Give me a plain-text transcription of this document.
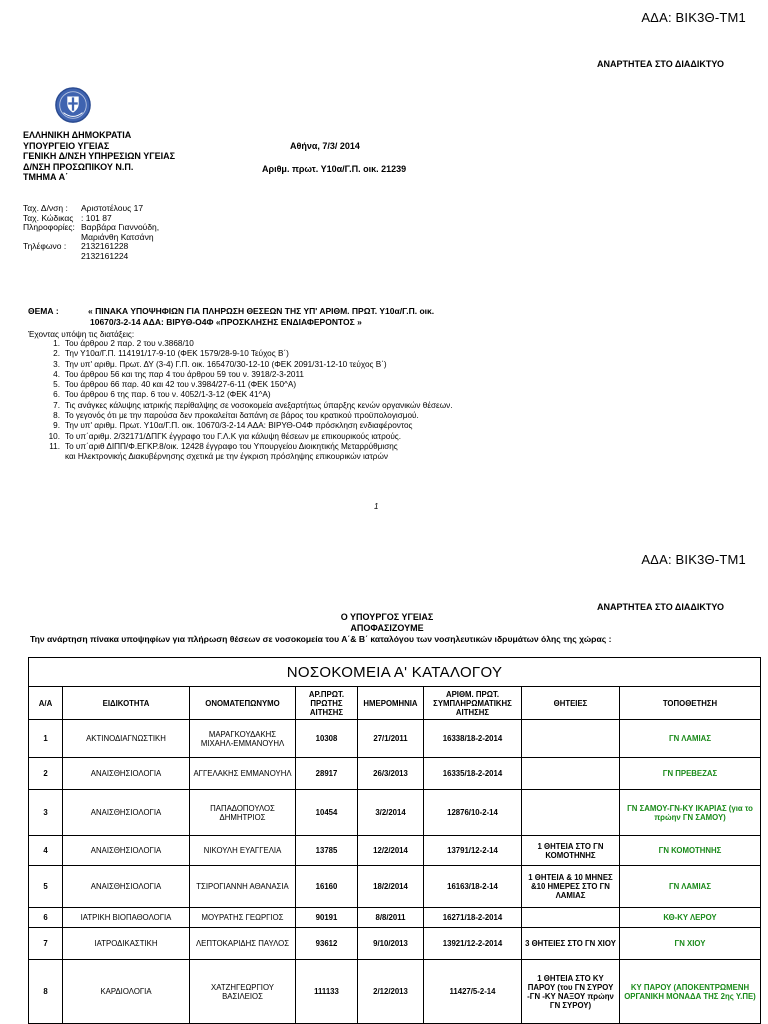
ΑΔΑ: ΒΙΚ3Θ-ΤΜ1
ΑΝΑΡΤΗΤΕΑ ΣΤΟ ΔΙΑΔΙΚΤΥΟ
ΕΛΛΗΝΙΚΗ ΔΗΜΟΚΡΑΤΙΑ
ΥΠΟΥΡΓΕΙΟ ΥΓΕΙΑΣ
ΓΕΝΙΚΗ Δ/ΝΣΗ ΥΠΗΡΕΣΙΩΝ ΥΓΕΙΑΣ
Δ/ΝΣΗ ΠΡΟΣΩΠΙΚΟΥ Ν.Π.
ΤΜΗΜΑ Α΄
Αθήνα, 7/3/ 2014
Αριθμ. πρωτ. Υ10α/Γ.Π. οικ. 21239
Ταχ. Δ/νση :	Αριστοτέλους 17
Ταχ. Κώδικας : 101 87
Πληροφορίες: Βαρβάρα Γιαννούδη,
Μαριάνθη Κατσάνη
Τηλέφωνο :	2132161228
2132161224
ΘΕΜΑ :	« ΠΙΝΑΚΑ ΥΠΟΨΗΦΙΩΝ ΓΙΑ ΠΛΗΡΩΣΗ ΘΕΣΕΩΝ ΤΗΣ ΥΠ' ΑΡΙΘΜ. ΠΡΩΤ. Υ10α/Γ.Π. οικ.
10670/3-2-14 ΑΔΑ: ΒΙΡΥΘ-Ο4Φ «ΠΡΟΣΚΛΗΣΗΣ ΕΝΔΙΑΦΕΡΟΝΤΟΣ »
Έχοντας υπόψη τις διατάξεις:
1. Του άρθρου 2 παρ. 2 του ν.3868/10
2. Την Υ10α/Γ.Π. 114191/17-9-10 (ΦΕΚ 1579/28-9-10 Τεύχος Β΄)
3. Την υπ' αριθμ. Πρωτ. ΔΥ (3-4) Γ.Π. οικ. 165470/30-12-10 (ΦΕΚ 2091/31-12-10 τεύχος Β΄)
4. Του άρθρου 56 και της παρ 4 του άρθρου 59 του ν. 3918/2-3-2011
5. Του άρθρου 66 παρ. 40 και 42 του ν.3984/27-6-11 (ΦΕΚ 150^Α)
6. Του άρθρου 6 της παρ. 6 του ν. 4052/1-3-12 (ΦΕΚ 41^Α)
7. Τις ανάγκες κάλυψης ιατρικής περίθαλψης σε νοσοκομεία ανεξαρτήτως ύπαρξης κενών οργανικών θέσεων.
8. Το γεγονός ότι με την παρούσα δεν προκαλείται δαπάνη σε βάρος του κρατικού προϋπολογισμού.
9. Την υπ' αριθμ. Πρωτ. Υ10α/Γ.Π. οικ. 10670/3-2-14 ΑΔΑ: ΒΙΡΥΘ-Ο4Φ πρόσκληση ενδιαφέροντος
10. Το υπ΄αριθμ. 2/32171/ΔΠΓΚ έγγραφο του Γ.Λ.Κ για κάλυψη θέσεων με επικουρικούς ιατρούς.
11. Το υπ΄αριθ ΔΙΠΠ/Φ.ΕΓΚΡ.8/οικ. 12428 έγγραφο του Υπουργείου Διοικητικής Μεταρρύθμισης
και Ηλεκτρονικής Διακυβέρνησης σχετικά με την έγκριση πρόσληψης επικουρικών ιατρών
1
ΑΔΑ: ΒΙΚ3Θ-ΤΜ1
ΑΝΑΡΤΗΤΕΑ ΣΤΟ ΔΙΑΔΙΚΤΥΟ
Ο ΥΠΟΥΡΓΟΣ ΥΓΕΙΑΣ
ΑΠΟΦΑΣΙΖΟΥΜΕ
Την ανάρτηση πίνακα υποψηφίων για πλήρωση θέσεων σε νοσοκομεία του Α΄& Β΄ καταλόγου των νοσηλευτικών ιδρυμάτων όλης της χώρας :
ΝΟΣΟΚΟΜΕΙΑ Α' ΚΑΤΑΛΟΓΟΥ
Α/Α	ΕΙΔΙΚΟΤΗΤΑ	ΟΝΟΜΑΤΕΠΩΝΥΜΟ	ΑΡ.ΠΡΩΤ. ΠΡΩΤΗΣ ΑΙΤΗΣΗΣ	ΗΜΕΡΟΜΗΝΙΑ	ΑΡΙΘΜ. ΠΡΩΤ. ΣΥΜΠΛΗΡΩΜΑΤΙΚΗΣ ΑΙΤΗΣΗΣ	ΘΗΤΕΙΕΣ	ΤΟΠΟΘΕΤΗΣΗ
1	ΑΚΤΙΝΟΔΙΑΓΝΩΣΤΙΚΗ	ΜΑΡΑΓΚΟΥΔΑΚΗΣ ΜΙΧΑΗΛ-ΕΜΜΑΝΟΥΗΛ	10308	27/1/2011	16338/18-2-2014		ΓΝ ΛΑΜΙΑΣ
2	ΑΝΑΙΣΘΗΣΙΟΛΟΓΙΑ	ΑΓΓΕΛΑΚΗΣ ΕΜΜΑΝΟΥΗΛ	28917	26/3/2013	16335/18-2-2014		ΓΝ ΠΡΕΒΕΖΑΣ
3	ΑΝΑΙΣΘΗΣΙΟΛΟΓΙΑ	ΠΑΠΑΔΟΠΟΥΛΟΣ ΔΗΜΗΤΡΙΟΣ	10454	3/2/2014	12876/10-2-14		ΓΝ ΣΑΜΟΥ-ΓΝ-ΚΥ ΙΚΑΡΙΑΣ (για το πρώην ΓΝ ΣΑΜΟΥ)
4	ΑΝΑΙΣΘΗΣΙΟΛΟΓΙΑ	ΝΙΚΟΥΛΗ ΕΥΑΓΓΕΛΙΑ	13785	12/2/2014	13791/12-2-14	1 ΘΗΤΕΙΑ ΣΤΟ ΓΝ ΚΟΜΟΤΗΝΗΣ	ΓΝ ΚΟΜΟΤΗΝΗΣ
5	ΑΝΑΙΣΘΗΣΙΟΛΟΓΙΑ	ΤΣΙΡΟΓΙΑΝΝΗ ΑΘΑΝΑΣΙΑ	16160	18/2/2014	16163/18-2-14	1 ΘΗΤΕΙΑ & 10 ΜΗΝΕΣ &10 ΗΜΕΡΕΣ ΣΤΟ ΓΝ ΛΑΜΙΑΣ	ΓΝ ΛΑΜΙΑΣ
6	ΙΑΤΡΙΚΗ ΒΙΟΠΑΘΟΛΟΓΙΑ	ΜΟΥΡΑΤΗΣ ΓΕΩΡΓΙΟΣ	90191	8/8/2011	16271/18-2-2014		ΚΘ-ΚΥ ΛΕΡΟΥ
7	ΙΑΤΡΟΔΙΚΑΣΤΙΚΗ	ΛΕΠΤΟΚΑΡΙΔΗΣ ΠΑΥΛΟΣ	93612	9/10/2013	13921/12-2-2014	3 ΘΗΤΕΙΕΣ ΣΤΟ ΓΝ ΧΙΟΥ	ΓΝ ΧΙΟΥ
8	ΚΑΡΔΙΟΛΟΓΙΑ	ΧΑΤΖΗΓΕΩΡΓΙΟΥ ΒΑΣΙΛΕΙΟΣ	111133	2/12/2013	11427/5-2-14	1 ΘΗΤΕΙΑ ΣΤΟ ΚΥ ΠΑΡΟΥ (του ΓΝ ΣΥΡΟΥ -ΓΝ -ΚΥ ΝΑΞΟΥ πρώην ΓΝ ΣΥΡΟΥ)	ΚΥ ΠΑΡΟΥ (ΑΠΟΚΕΝΤΡΩΜΕΝΗ ΟΡΓΑΝΙΚΗ ΜΟΝΑΔΑ ΤΗΣ 2ης Υ.ΠΕ)
